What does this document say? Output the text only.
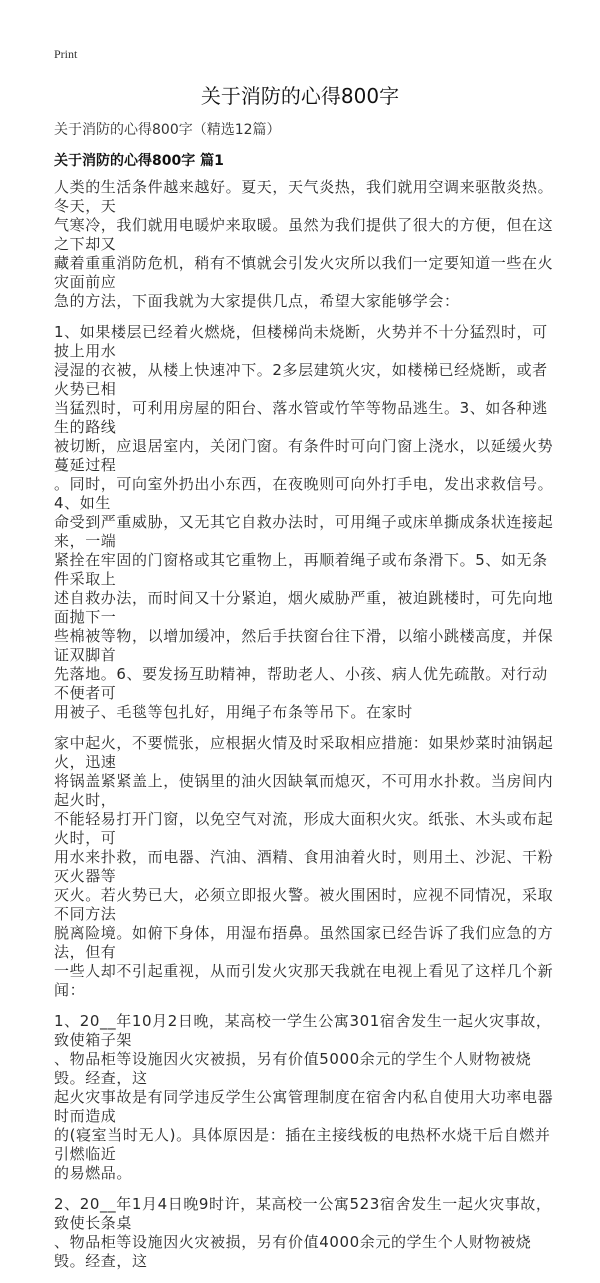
Print
关于消防的心得800字
关于消防的心得800字（精选12篇）
关于消防的心得800字 篇1
人类的生活条件越来越好。夏天，天气炎热，我们就用空调来驱散炎热。冬天，天
气寒冷，我们就用电暖炉来取暖。虽然为我们提供了很大的方便，但在这之下却又
藏着重重消防危机，稍有不慎就会引发火灾所以我们一定要知道一些在火灾面前应
急的方法，下面我就为大家提供几点，希望大家能够学会：
1、如果楼层已经着火燃烧，但楼梯尚未烧断，火势并不十分猛烈时，可披上用水
浸湿的衣被，从楼上快速冲下。2多层建筑火灾，如楼梯已经烧断，或者火势已相
当猛烈时，可利用房屋的阳台、落水管或竹竿等物品逃生。3、如各种逃生的路线
被切断，应退居室内，关闭门窗。有条件时可向门窗上浇水，以延缓火势蔓延过程
。同时，可向室外扔出小东西，在夜晚则可向外打手电，发出求救信号。4、如生
命受到严重威胁，又无其它自救办法时，可用绳子或床单撕成条状连接起来，一端
紧拴在牢固的门窗格或其它重物上，再顺着绳子或布条滑下。5、如无条件采取上
述自救办法，而时间又十分紧迫，烟火威胁严重，被迫跳楼时，可先向地面抛下一
些棉被等物，以增加缓冲，然后手扶窗台往下滑，以缩小跳楼高度，并保证双脚首
先落地。6、要发扬互助精神，帮助老人、小孩、病人优先疏散。对行动不便者可
用被子、毛毯等包扎好，用绳子布条等吊下。在家时
家中起火，不要慌张，应根据火情及时采取相应措施：如果炒菜时油锅起火，迅速
将锅盖紧紧盖上，使锅里的油火因缺氧而熄灭，不可用水扑救。当房间内起火时，
不能轻易打开门窗，以免空气对流，形成大面积火灾。纸张、木头或布起火时，可
用水来扑救，而电器、汽油、酒精、食用油着火时，则用土、沙泥、干粉灭火器等
灭火。若火势已大，必须立即报火警。被火围困时，应视不同情况，采取不同方法
脱离险境。如俯下身体，用湿布捂鼻。虽然国家已经告诉了我们应急的方法，但有
一些人却不引起重视，从而引发火灾那天我就在电视上看见了这样几个新闻：
1、20__年10月2日晚，某高校一学生公寓301宿舍发生一起火灾事故，致使箱子架
、物品柜等设施因火灾被损，另有价值5000余元的学生个人财物被烧毁。经查，这
起火灾事故是有同学违反学生公寓管理制度在宿舍内私自使用大功率电器时而造成
的(寝室当时无人)。具体原因是：插在主接线板的电热杯水烧干后自燃并引燃临近
的易燃品。
2、20__年1月4日晚9时许，某高校一公寓523宿舍发生一起火灾事故，致使长条桌
、物品柜等设施因火灾被损，另有价值4000余元的学生个人财物被烧毁。经查，这
